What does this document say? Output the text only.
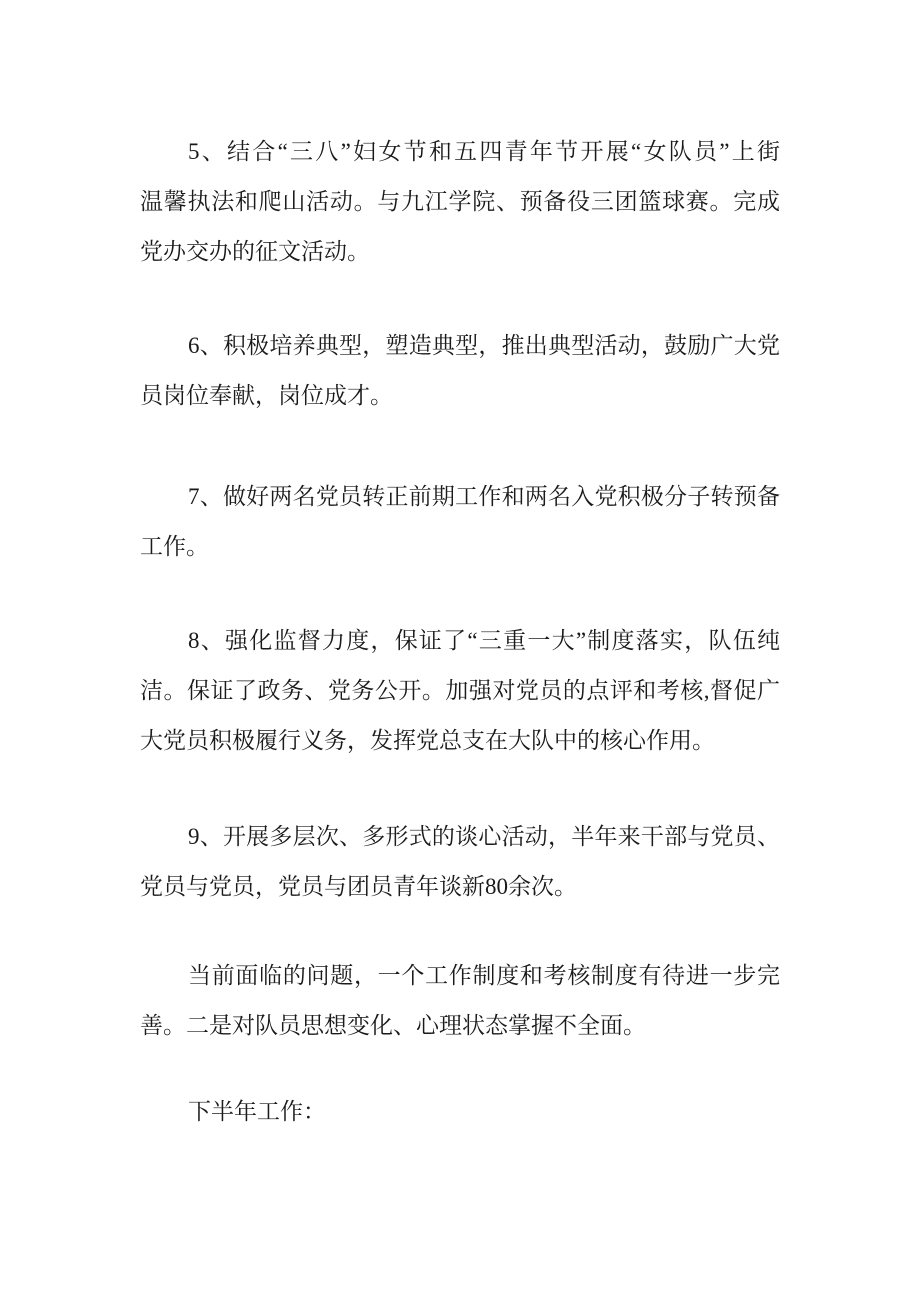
5、结合“三八”妇女节和五四青年节开展“女队员”上街
温馨执法和爬山活动。与九江学院、预备役三团篮球赛。完成
党办交办的征文活动。
6、积极培养典型，塑造典型，推出典型活动，鼓励广大党
员岗位奉献，岗位成才。
7、做好两名党员转正前期工作和两名入党积极分子转预备
工作。
8、强化监督力度，保证了“三重一大”制度落实，队伍纯
洁。保证了政务、党务公开。加强对党员的点评和考核,督促广
大党员积极履行义务，发挥党总支在大队中的核心作用。
9、开展多层次、多形式的谈心活动，半年来干部与党员、
党员与党员，党员与团员青年谈新80余次。
当前面临的问题，一个工作制度和考核制度有待进一步完
善。二是对队员思想变化、心理状态掌握不全面。
下半年工作：
